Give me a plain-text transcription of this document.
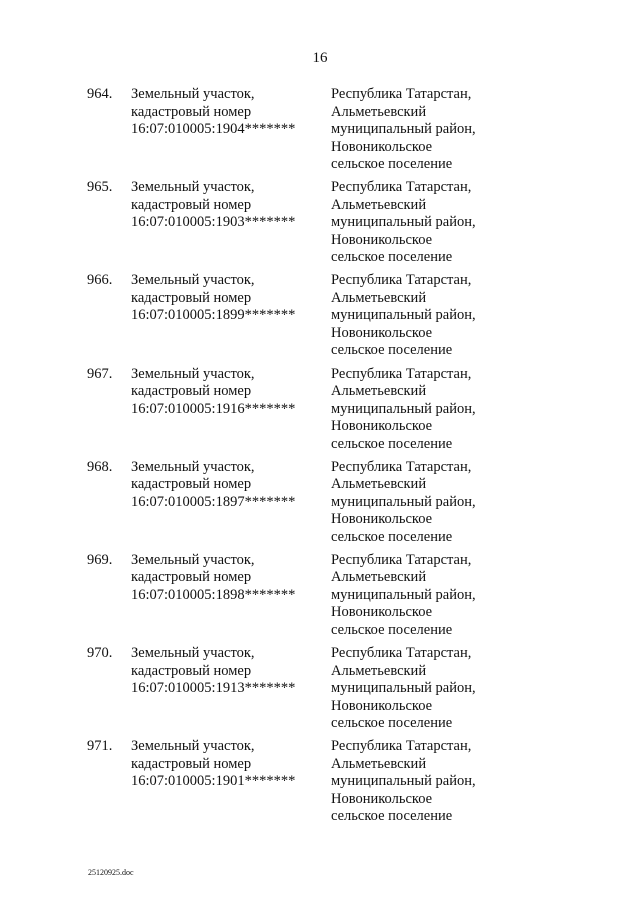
16
964. Земельный участок,
кадастровый номер
16:07:010005:1904*******
Республика Татарстан,
Альметьевский
муниципальный район,
Новоникольское
сельское поселение
965. Земельный участок,
кадастровый номер
16:07:010005:1903*******
Республика Татарстан,
Альметьевский
муниципальный район,
Новоникольское
сельское поселение
966. Земельный участок,
кадастровый номер
16:07:010005:1899*******
Республика Татарстан,
Альметьевский
муниципальный район,
Новоникольское
сельское поселение
967. Земельный участок,
кадастровый номер
16:07:010005:1916*******
Республика Татарстан,
Альметьевский
муниципальный район,
Новоникольское
сельское поселение
968. Земельный участок,
кадастровый номер
16:07:010005:1897*******
Республика Татарстан,
Альметьевский
муниципальный район,
Новоникольское
сельское поселение
969. Земельный участок,
кадастровый номер
16:07:010005:1898*******
Республика Татарстан,
Альметьевский
муниципальный район,
Новоникольское
сельское поселение
970. Земельный участок,
кадастровый номер
16:07:010005:1913*******
Республика Татарстан,
Альметьевский
муниципальный район,
Новоникольское
сельское поселение
971. Земельный участок,
кадастровый номер
16:07:010005:1901*******
Республика Татарстан,
Альметьевский
муниципальный район,
Новоникольское
сельское поселение
25120925.doc
